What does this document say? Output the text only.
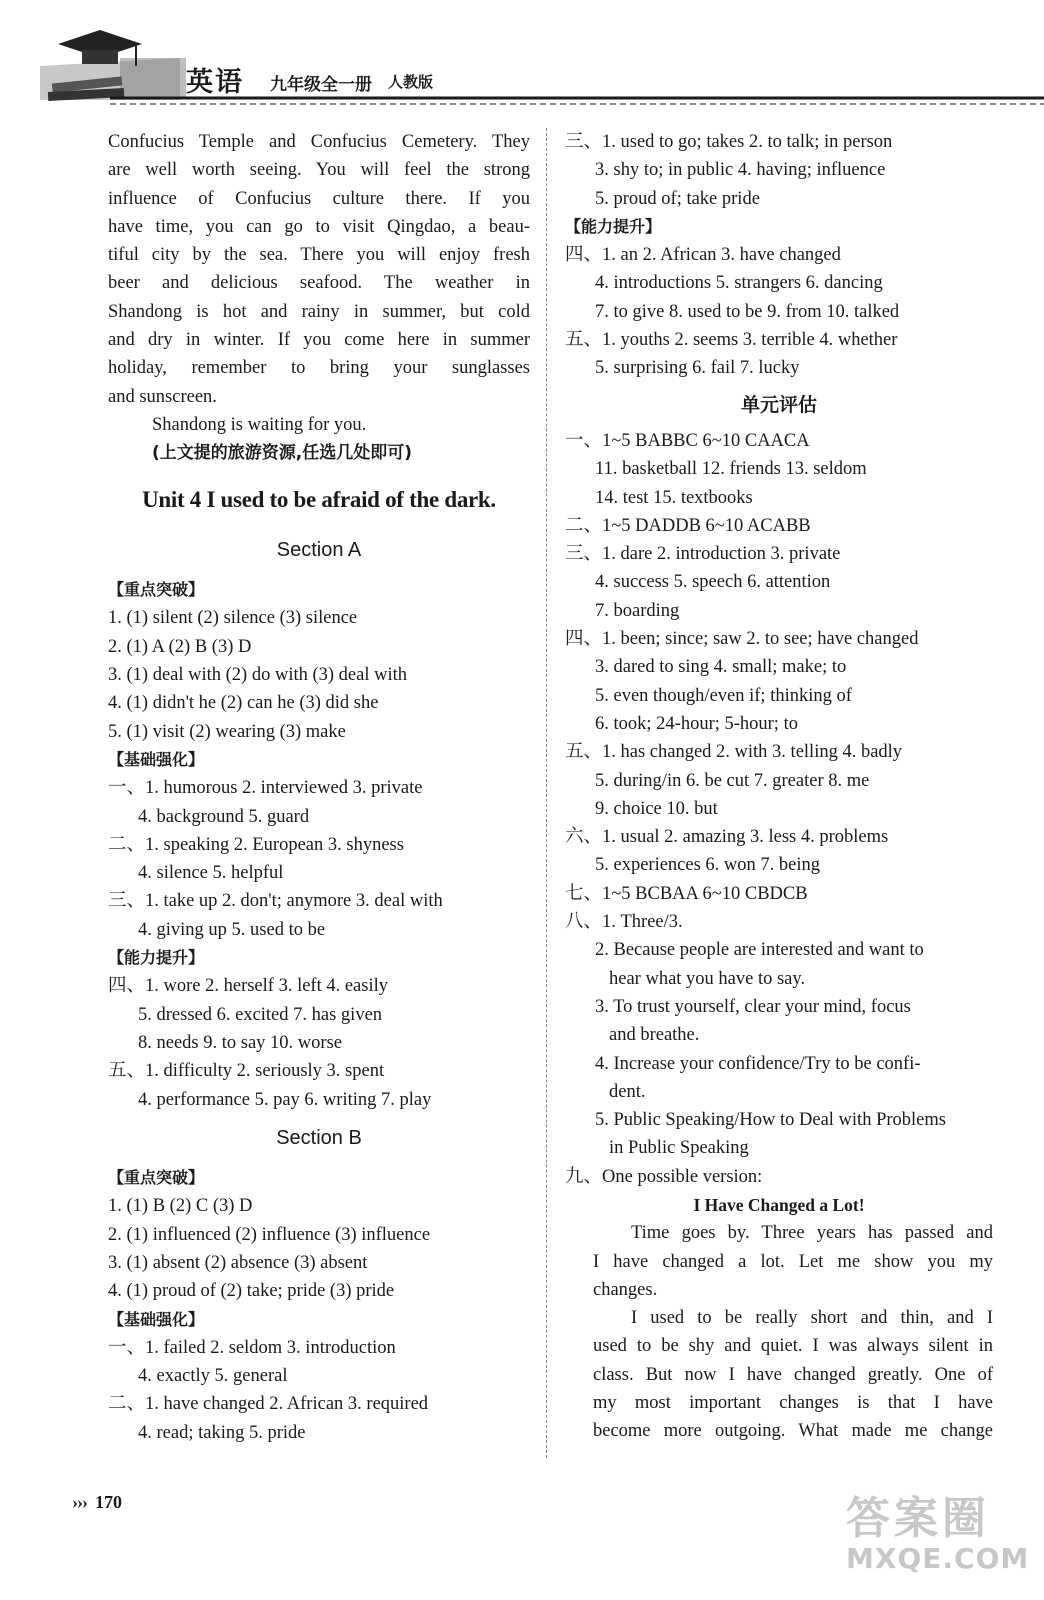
英语 九年级全一册 人教版
Confucius Temple and Confucius Cemetery. They
are well worth seeing. You will feel the strong
influence of Confucius culture there. If you
have time, you can go to visit Qingdao, a beau-
tiful city by the sea. There you will enjoy fresh
beer and delicious seafood. The weather in
Shandong is hot and rainy in summer, but cold
and dry in winter. If you come here in summer
holiday, remember to bring your sunglasses
and sunscreen.
Shandong is waiting for you.
(上文提的旅游资源,任选几处即可)
Unit 4 I used to be afraid of the dark.
Section A
【重点突破】
1. (1) silent (2) silence (3) silence
2. (1) A (2) B (3) D
3. (1) deal with (2) do with (3) deal with
4. (1) didn't he (2) can he (3) did she
5. (1) visit (2) wearing (3) make
【基础强化】
一、1. humorous 2. interviewed 3. private
4. background 5. guard
二、1. speaking 2. European 3. shyness
4. silence 5. helpful
三、1. take up 2. don't; anymore 3. deal with
4. giving up 5. used to be
【能力提升】
四、1. wore 2. herself 3. left 4. easily
5. dressed 6. excited 7. has given
8. needs 9. to say 10. worse
五、1. difficulty 2. seriously 3. spent
4. performance 5. pay 6. writing 7. play
Section B
【重点突破】
1. (1) B (2) C (3) D
2. (1) influenced (2) influence (3) influence
3. (1) absent (2) absence (3) absent
4. (1) proud of (2) take; pride (3) pride
【基础强化】
一、1. failed 2. seldom 3. introduction
4. exactly 5. general
二、1. have changed 2. African 3. required
4. read; taking 5. pride
三、1. used to go; takes 2. to talk; in person
3. shy to; in public 4. having; influence
5. proud of; take pride
【能力提升】
四、1. an 2. African 3. have changed
4. introductions 5. strangers 6. dancing
7. to give 8. used to be 9. from 10. talked
五、1. youths 2. seems 3. terrible 4. whether
5. surprising 6. fail 7. lucky
单元评估
一、1~5 BABBC 6~10 CAACA
11. basketball 12. friends 13. seldom
14. test 15. textbooks
二、1~5 DADDB 6~10 ACABB
三、1. dare 2. introduction 3. private
4. success 5. speech 6. attention
7. boarding
四、1. been; since; saw 2. to see; have changed
3. dared to sing 4. small; make; to
5. even though/even if; thinking of
6. took; 24-hour; 5-hour; to
五、1. has changed 2. with 3. telling 4. badly
5. during/in 6. be cut 7. greater 8. me
9. choice 10. but
六、1. usual 2. amazing 3. less 4. problems
5. experiences 6. won 7. being
七、1~5 BCBAA 6~10 CBDCB
八、1. Three/3.
2. Because people are interested and want to
hear what you have to say.
3. To trust yourself, clear your mind, focus
and breathe.
4. Increase your confidence/Try to be confi-
dent.
5. Public Speaking/How to Deal with Problems
in Public Speaking
九、One possible version:
I Have Changed a Lot!
Time goes by. Three years has passed and
I have changed a lot. Let me show you my
changes.
I used to be really short and thin, and I
used to be shy and quiet. I was always silent in
class. But now I have changed greatly. One of
my most important changes is that I have
become more outgoing. What made me change
››› 170	答案圈
MXQE.COM
